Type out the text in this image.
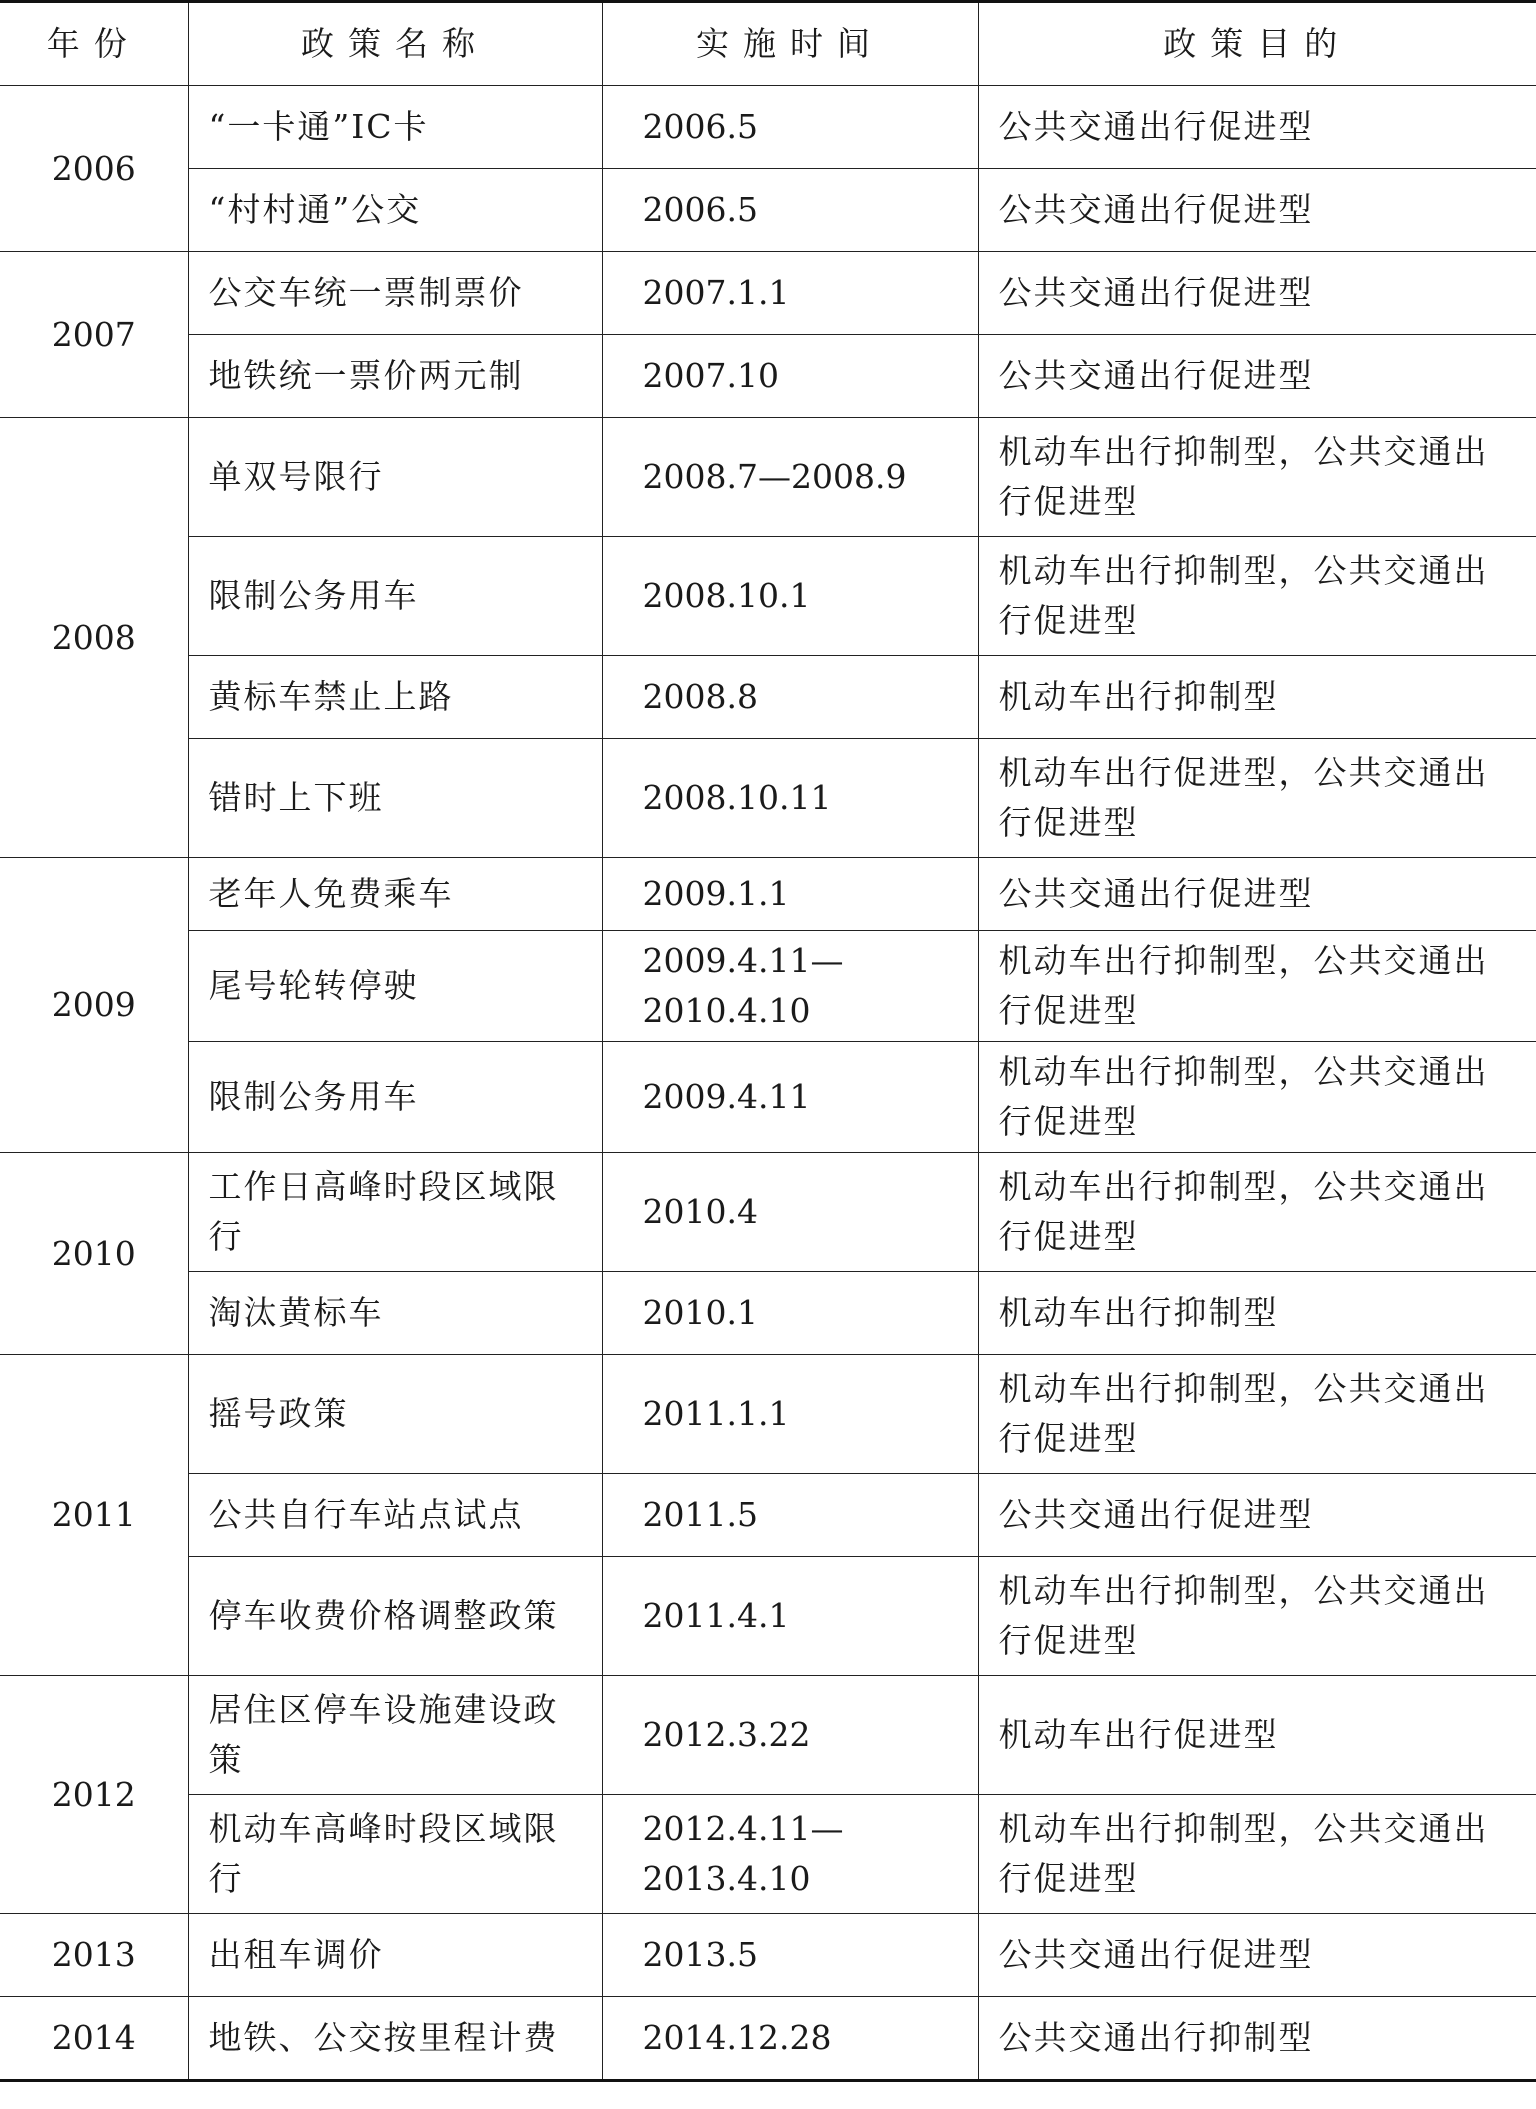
年份	政策名称	实施时间	政策目的
2006	“一卡通”IC卡	2006.5	公共交通出行促进型
	“村村通”公交	2006.5	公共交通出行促进型
2007	公交车统一票制票价	2007.1.1	公共交通出行促进型
	地铁统一票价两元制	2007.10	公共交通出行促进型
2008	单双号限行	2008.7—2008.9	机动车出行抑制型，公共交通出行促进型
	限制公务用车	2008.10.1	机动车出行抑制型，公共交通出行促进型
	黄标车禁止上路	2008.8	机动车出行抑制型
	错时上下班	2008.10.11	机动车出行促进型，公共交通出行促进型
2009	老年人免费乘车	2009.1.1	公共交通出行促进型
	尾号轮转停驶	2009.4.11—2010.4.10	机动车出行抑制型，公共交通出行促进型
	限制公务用车	2009.4.11	机动车出行抑制型，公共交通出行促进型
2010	工作日高峰时段区域限行	2010.4	机动车出行抑制型，公共交通出行促进型
	淘汰黄标车	2010.1	机动车出行抑制型
2011	摇号政策	2011.1.1	机动车出行抑制型，公共交通出行促进型
	公共自行车站点试点	2011.5	公共交通出行促进型
	停车收费价格调整政策	2011.4.1	机动车出行抑制型，公共交通出行促进型
2012	居住区停车设施建设政策	2012.3.22	机动车出行促进型
	机动车高峰时段区域限行	2012.4.11—2013.4.10	机动车出行抑制型，公共交通出行促进型
2013	出租车调价	2013.5	公共交通出行促进型
2014	地铁、公交按里程计费	2014.12.28	公共交通出行抑制型
